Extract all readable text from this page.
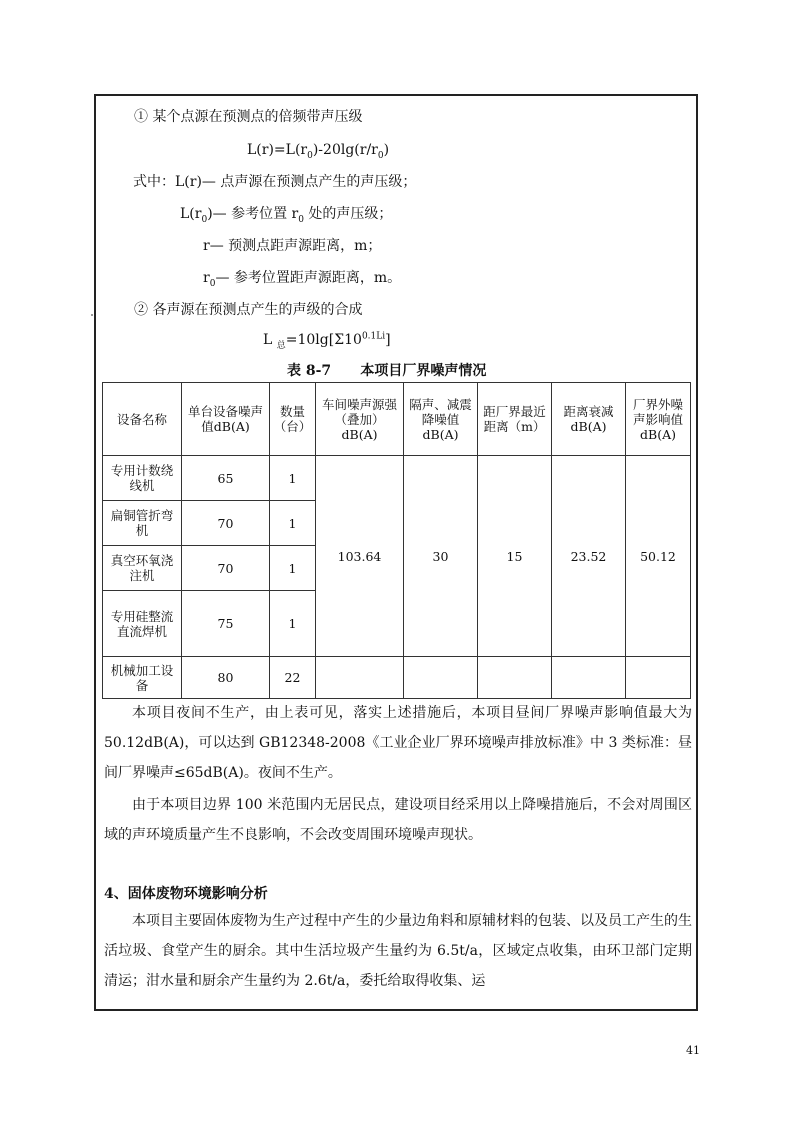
① 某个点源在预测点的倍频带声压级
$L(r)=L(r_0)-20\lg(r/r_0)$
式中：L(r)— 点声源在预测点产生的声压级；
$L(r_0)—$ 参考位置 $r_0$ 处的声压级；
r— 预测点距声源距离，m；
$r_0—$ 参考位置距声源距离，m。
② 各声源在预测点产生的声级的合成
L $_总=10\lg[\Sigma 10^{0.1Li}]$
表 8-7      本项目厂界噪声情况
设备名称	单台设备噪声值dB(A)	数量（台）	车间噪声源强（叠加）dB(A)	隔声、减震降噪值dB(A)	距厂界最近距离（m）	距离衰减dB(A)	厂界外噪声影响值dB(A)
专用计数绕线机	65	1	103.64	30	15	23.52	50.12
扁铜管折弯机	70	1					
真空环氧浇注机	70	1					
专用硅整流直流焊机	75	1					
机械加工设备	80	22					
本项目夜间不生产，由上表可见，落实上述措施后，本项目昼间厂界噪声影响值最大为 50.12dB(A)，可以达到 GB12348-2008《工业企业厂界环境噪声排放标准》中 3 类标准：昼间厂界噪声≤65dB(A)。夜间不生产。
由于本项目边界 100 米范围内无居民点，建设项目经采用以上降噪措施后，不会对周围区域的声环境质量产生不良影响，不会改变周围环境噪声现状。
4、固体废物环境影响分析
本项目主要固体废物为生产过程中产生的少量边角料和原辅材料的包装、以及员工产生的生活垃圾、食堂产生的厨余。其中生活垃圾产生量约为 6.5t/a，区域定点收集，由环卫部门定期清运；泔水量和厨余产生量约为 2.6t/a，委托给取得收集、运
41
